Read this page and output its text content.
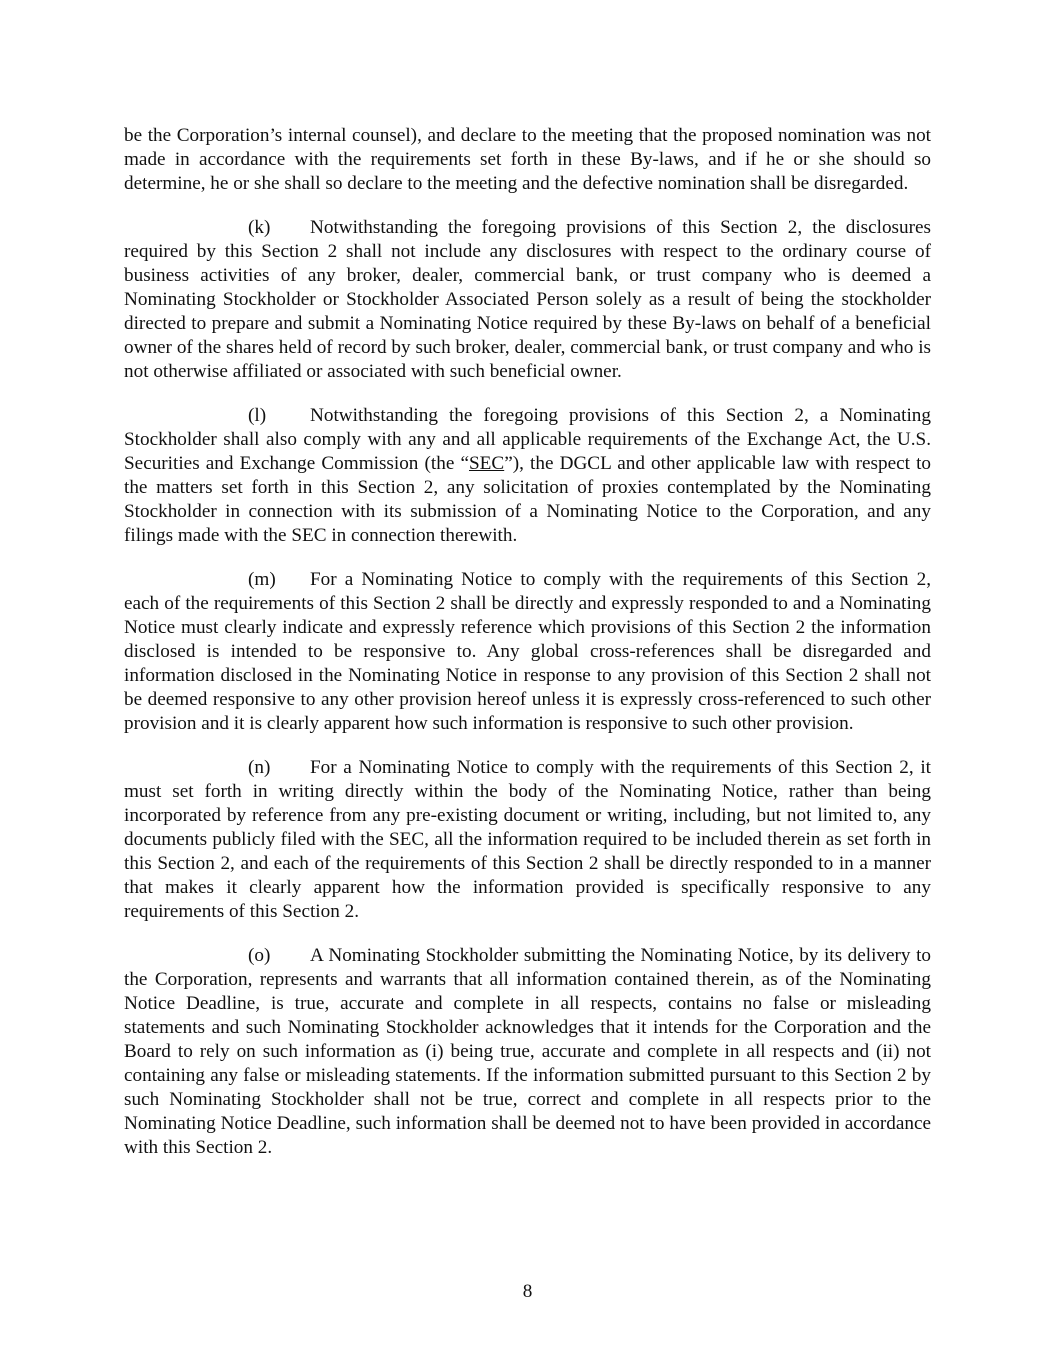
be the Corporation’s internal counsel), and declare to the meeting that the proposed nomination was not made in accordance with the requirements set forth in these By-laws, and if he or she should so determine, he or she shall so declare to the meeting and the defective nomination shall be disregarded.

(k) Notwithstanding the foregoing provisions of this Section 2, the disclosures required by this Section 2 shall not include any disclosures with respect to the ordinary course of business activities of any broker, dealer, commercial bank, or trust company who is deemed a Nominating Stockholder or Stockholder Associated Person solely as a result of being the stockholder directed to prepare and submit a Nominating Notice required by these By-laws on behalf of a beneficial owner of the shares held of record by such broker, dealer, commercial bank, or trust company and who is not otherwise affiliated or associated with such beneficial owner.

(l) Notwithstanding the foregoing provisions of this Section 2, a Nominating Stockholder shall also comply with any and all applicable requirements of the Exchange Act, the U.S. Securities and Exchange Commission (the “SEC”), the DGCL and other applicable law with respect to the matters set forth in this Section 2, any solicitation of proxies contemplated by the Nominating Stockholder in connection with its submission of a Nominating Notice to the Corporation, and any filings made with the SEC in connection therewith.

(m) For a Nominating Notice to comply with the requirements of this Section 2, each of the requirements of this Section 2 shall be directly and expressly responded to and a Nominating Notice must clearly indicate and expressly reference which provisions of this Section 2 the information disclosed is intended to be responsive to. Any global cross-references shall be disregarded and information disclosed in the Nominating Notice in response to any provision of this Section 2 shall not be deemed responsive to any other provision hereof unless it is expressly cross-referenced to such other provision and it is clearly apparent how such information is responsive to such other provision.

(n) For a Nominating Notice to comply with the requirements of this Section 2, it must set forth in writing directly within the body of the Nominating Notice, rather than being incorporated by reference from any pre-existing document or writing, including, but not limited to, any documents publicly filed with the SEC, all the information required to be included therein as set forth in this Section 2, and each of the requirements of this Section 2 shall be directly responded to in a manner that makes it clearly apparent how the information provided is specifically responsive to any requirements of this Section 2.

(o) A Nominating Stockholder submitting the Nominating Notice, by its delivery to the Corporation, represents and warrants that all information contained therein, as of the Nominating Notice Deadline, is true, accurate and complete in all respects, contains no false or misleading statements and such Nominating Stockholder acknowledges that it intends for the Corporation and the Board to rely on such information as (i) being true, accurate and complete in all respects and (ii) not containing any false or misleading statements. If the information submitted pursuant to this Section 2 by such Nominating Stockholder shall not be true, correct and complete in all respects prior to the Nominating Notice Deadline, such information shall be deemed not to have been provided in accordance with this Section 2.

8
